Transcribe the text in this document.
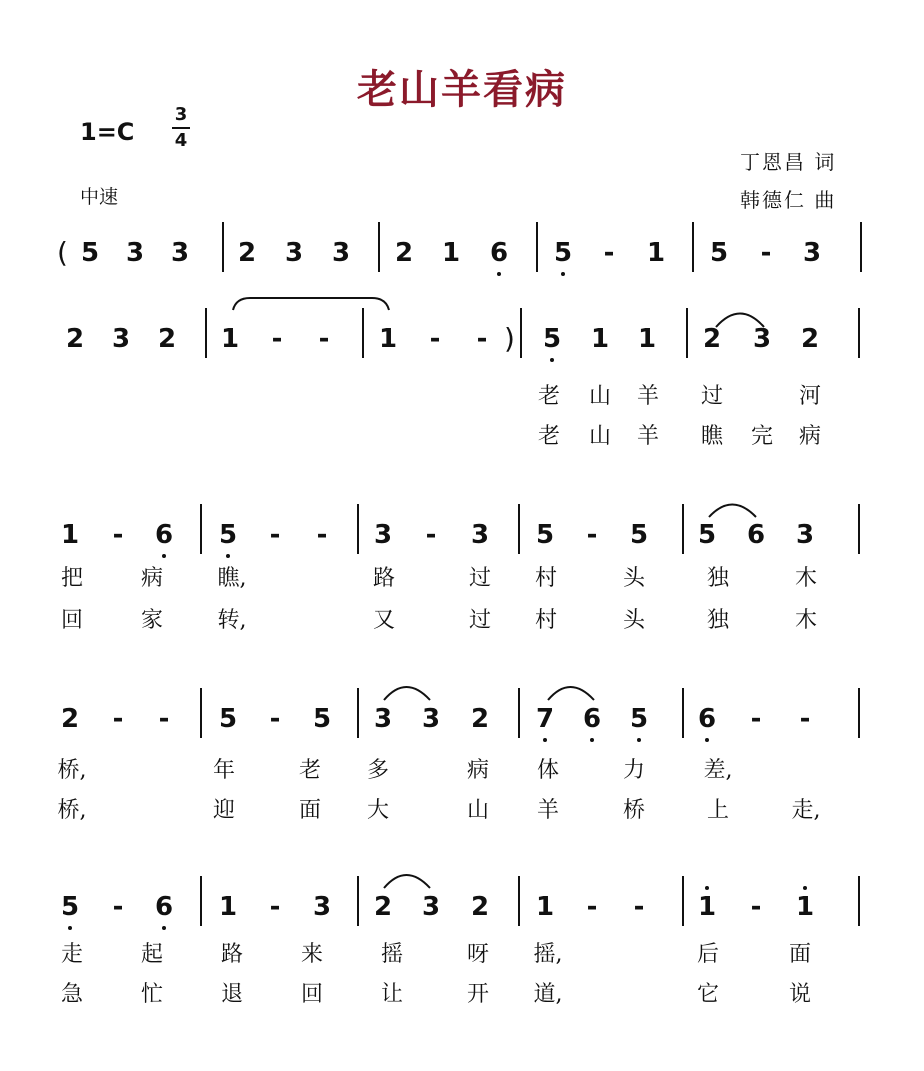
老山羊看病
1=C
3
4
中速
丁恩昌 词
韩德仁 曲
( 5 3 3 2 3 3 2 1 6 5 - 1 5 - 3
2 3 2 1 - - 1 - - ) 5 1 1 2 3 2
老 山 羊 过	河
老 山 羊 瞧 完 病
1 - 6 5 - - 3 - 3 5 - 5 5 6 3
把	病 瞧,	路	过 村	头	独	木
回	家 转,	又	过 村	头	独	木
2 - - 5 - 5 3 3 2 7 6 5 6 - -
桥,	年	老 多	病 体	力	差,
桥,	迎	面 大	山 羊	桥	上	走,
5 - 6 1 - 3 2 3 2 1 - - 1 - 1
走	起	路	来	摇	呀 摇,	后	面
急	忙	退	回	让	开 道,	它	说
